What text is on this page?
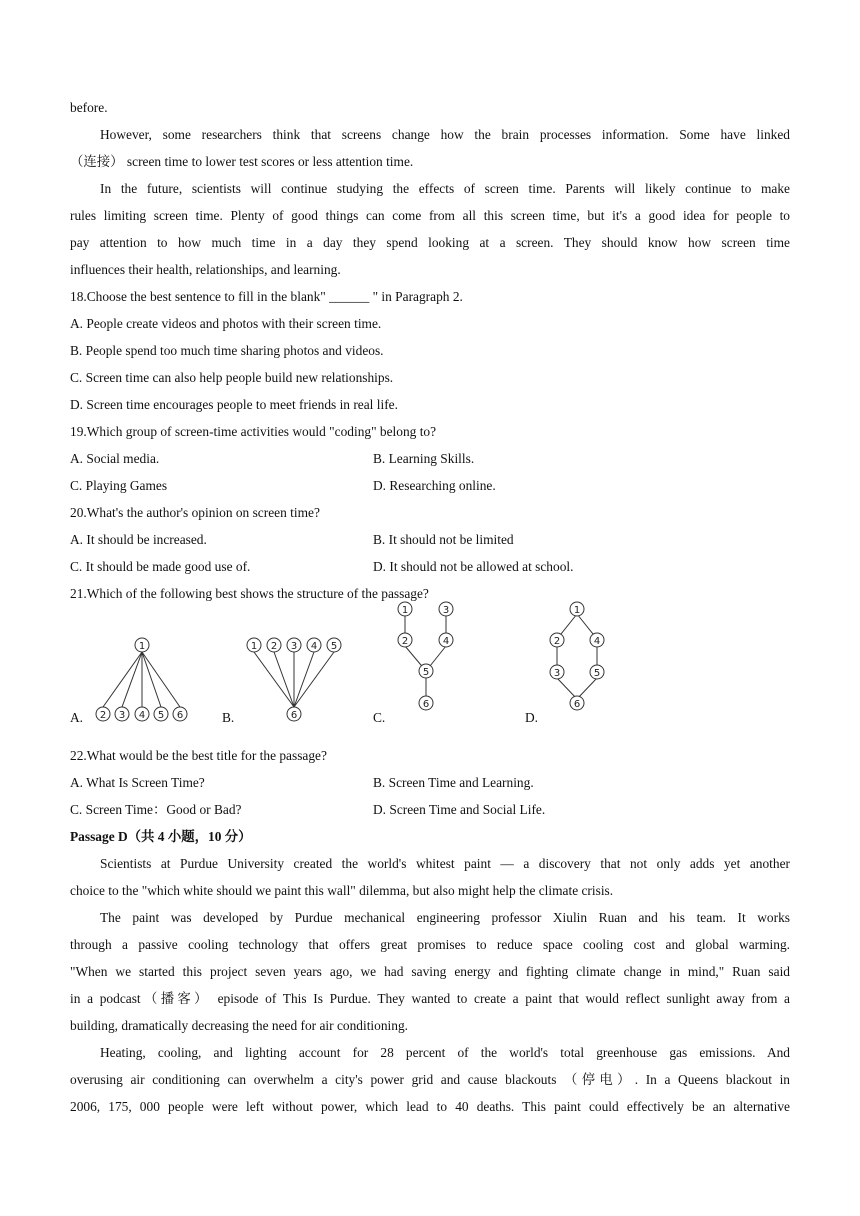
before.
However, some researchers think that screens change how the brain processes information. Some have linked
（连接） screen time to lower test scores or less attention time.
In the future, scientists will continue studying the effects of screen time. Parents will likely continue to make
rules limiting screen time. Plenty of good things can come from all this screen time, but it's a good idea for people to
pay attention to how much time in a day they spend looking at a screen. They should know how screen time
influences their health, relationships, and learning.
18.Choose the best sentence to fill in the blank" ______ " in Paragraph 2.
A. People create videos and photos with their screen time.
B. People spend too much time sharing photos and videos.
C. Screen time can also help people build new relationships.
D. Screen time encourages people to meet friends in real life.
19.Which group of screen-time activities would "coding" belong to?
A. Social media.	B. Learning Skills.
C. Playing Games	D. Researching online.
20.What's the author's opinion on screen time?
A. It should be increased.	B. It should not be limited
C. It should be made good use of.	D. It should not be allowed at school.
21.Which of the following best shows the structure of the passage?
A.	B.	C.	D.
1
2 3 4 5 6
1 2 3 4 5
6
1	3
2	4
5
6
1
2	4
3	5
6
22.What would be the best title for the passage?
A. What Is Screen Time?	B. Screen Time and Learning.
C. Screen Time：Good or Bad?	D. Screen Time and Social Life.
Passage D（共 4 小题，10 分）
Scientists at Purdue University created the world's whitest paint — a discovery that not only adds yet another
choice to the "which white should we paint this wall" dilemma, but also might help the climate crisis.
The paint was developed by Purdue mechanical engineering professor Xiulin Ruan and his team. It works
through a passive cooling technology that offers great promises to reduce space cooling cost and global warming.
"When we started this project seven years ago, we had saving energy and fighting climate change in mind," Ruan said
in a podcast（播客） episode of This Is Purdue. They wanted to create a paint that would reflect sunlight away from a
building, dramatically decreasing the need for air conditioning.
Heating, cooling, and lighting account for 28 percent of the world's total greenhouse gas emissions. And
overusing air conditioning can overwhelm a city's power grid and cause blackouts （停电）. In a Queens blackout in
2006, 175, 000 people were left without power, which lead to 40 deaths. This paint could effectively be an alternative
